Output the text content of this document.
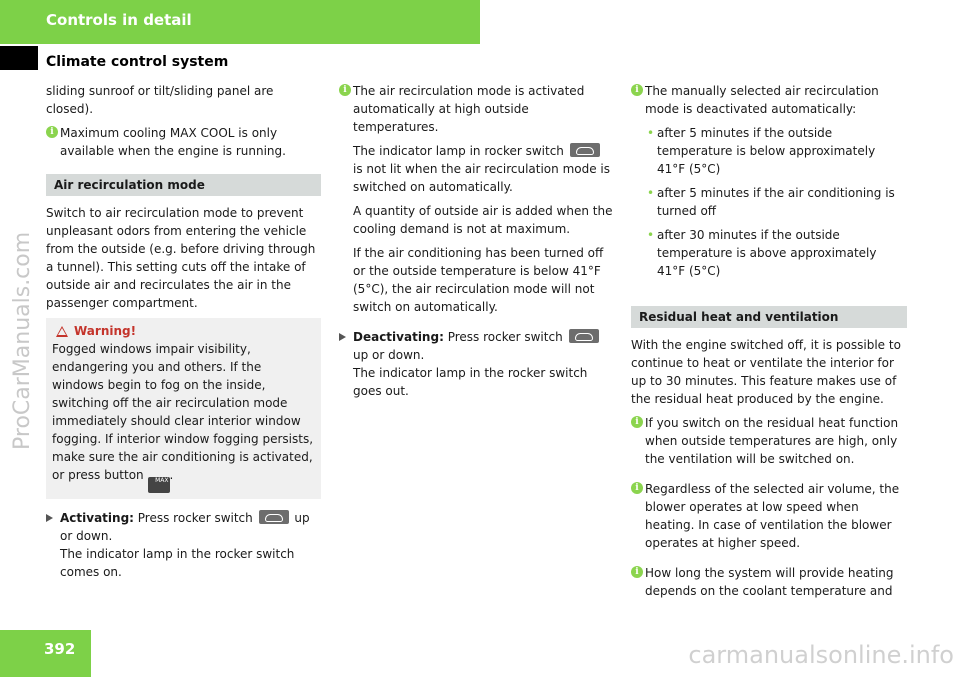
Controls in detail
Climate control system
ProCarManuals.com
carmanualsonline.info

sliding sunroof or tilt/sliding panel are closed).

i Maximum cooling MAX COOL is only available when the engine is running.
Air recirculation mode

Switch to air recirculation mode to prevent unpleasant odors from entering the vehicle from the outside (e.g. before driving through a tunnel). This setting cuts off the intake of outside air and recirculates the air in the passenger compartment.

Warning!
Fogged windows impair visibility, endangering you and others. If the windows begin to fog on the inside, switching off the air recirculation mode immediately should clear interior window fogging. If interior window fogging persists, make sure the air conditioning is activated, or press button MAX.
Activating: Press rocker switch	up or down.
The indicator lamp in the rocker switch comes on.
i The air recirculation mode is activated automatically at high outside temperatures.

The indicator lamp in rocker switch  is not lit when the air recirculation mode is switched on automatically.

A quantity of outside air is added when the cooling demand is not at maximum.

If the air conditioning has been turned off or the outside temperature is below 41°F (5°C), the air recirculation mode will not switch on automatically.

Deactivating: Press rocker switch  up or down.
The indicator lamp in the rocker switch goes out.
i The manually selected air recirculation mode is deactivated automatically:
• after 5 minutes if the outside temperature is below approximately 41°F (5°C)
• after 5 minutes if the air conditioning is turned off
• after 30 minutes if the outside temperature is above approximately 41°F (5°C)
Residual heat and ventilation

With the engine switched off, it is possible to continue to heat or ventilate the interior for up to 30 minutes. This feature makes use of the residual heat produced by the engine.

i If you switch on the residual heat function when outside temperatures are high, only the ventilation will be switched on.
i Regardless of the selected air volume, the blower operates at low speed when heating. In case of ventilation the blower operates at higher speed.
i How long the system will provide heating depends on the coolant temperature and
392
